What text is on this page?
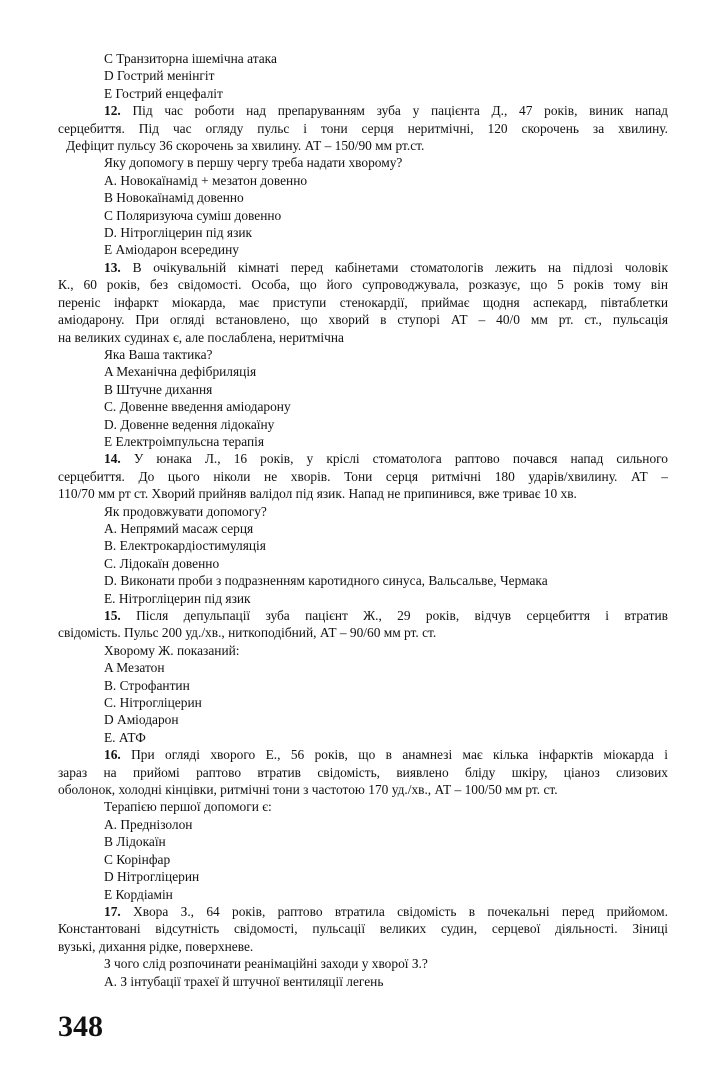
C Транзиторна ішемічна атака
D Гострий менінгіт
E Гострий енцефаліт
12. Під час роботи над препаруванням зуба у пацієнта Д., 47 років, виник напад
серцебиття. Під час огляду пульс і тони серця неритмічні, 120 скорочень за хвилину.
Дефіцит пульсу 36 скорочень за хвилину. АТ – 150/90 мм рт.ст.
Яку допомогу в першу чергу треба надати хворому?
A. Новокаїнамід + мезатон довенно
B Новокаїнамід довенно
C Поляризуюча суміш довенно
D. Нітрогліцерин під язик
E Аміодарон всередину
13. В очікувальній кімнаті перед кабінетами стоматологів лежить на підлозі чоловік
К., 60 років, без свідомості. Особа, що його супроводжувала, розказує, що 5 років тому він
переніс інфаркт міокарда, має приступи стенокардії, приймає щодня аспекард, півтаблетки
аміодарону. При огляді встановлено, що хворий в ступорі АТ – 40/0 мм рт. ст., пульсація
на великих судинах є, але послаблена, неритмічна
Яка Ваша тактика?
A Механічна дефібриляція
B Штучне дихання
C. Довенне введення аміодарону
D. Довенне ведення лідокаїну
E Електроімпульсна терапія
14. У юнака Л., 16 років, у кріслі стоматолога раптово почався напад сильного
серцебиття. До цього ніколи не хворів. Тони серця ритмічні 180 ударів/хвилину. АТ –
110/70 мм рт ст. Хворий прийняв валідол під язик. Напад не припинився, вже триває 10 хв.
Як продовжувати допомогу?
A. Непрямий масаж серця
B. Електрокардіостимуляція
C. Лідокаїн довенно
D. Виконати проби з подразненням каротидного синуса, Вальсальве, Чермака
E. Нітрогліцерин під язик
15. Після депульпації зуба пацієнт Ж., 29 років, відчув серцебиття і втратив
свідомість. Пульс 200 уд./хв., ниткоподібний, АТ – 90/60 мм рт. ст.
Хворому Ж. показаний:
A Мезатон
B. Строфантин
C. Нітрогліцерин
D Аміодарон
E. АТФ
16. При огляді хворого Е., 56 років, що в анамнезі має кілька інфарктів міокарда і
зараз на прийомі раптово втратив свідомість, виявлено бліду шкіру, ціаноз слизових
оболонок, холодні кінцівки, ритмічні тони з частотою 170 уд./хв., АТ – 100/50 мм рт. ст.
Терапією першої допомоги є:
A. Преднізолон
B Лідокаїн
C Корінфар
D Нітрогліцерин
E Кордіамін
17. Хвора З., 64 років, раптово втратила свідомість в почекальні перед прийомом.
Константовані відсутність свідомості, пульсації великих судин, серцевої діяльності. Зіниці
вузькі, дихання рідке, поверхневе.
З чого слід розпочинати реанімаційні заходи у хворої З.?
A. З інтубації трахеї й штучної вентиляції легень
348
